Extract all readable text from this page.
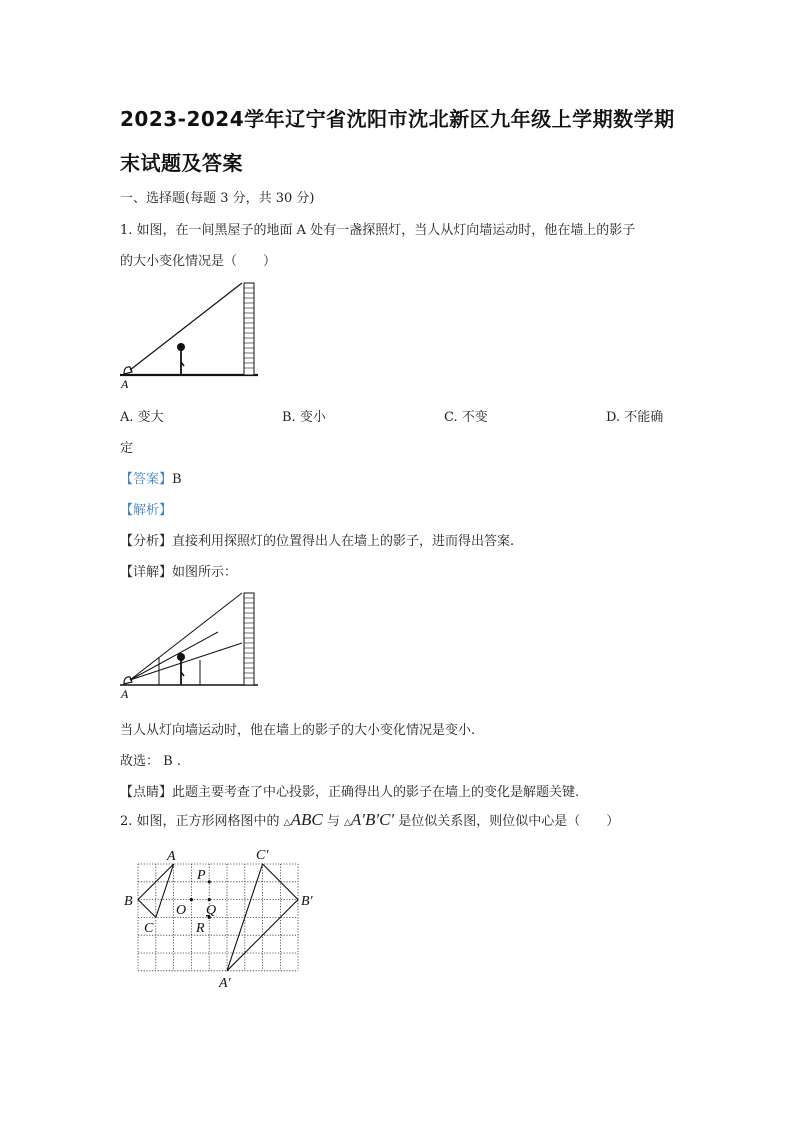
2023-2024学年辽宁省沈阳市沈北新区九年级上学期数学期
末试题及答案
一、选择题(每题 3 分，共 30 分)
1. 如图，在一间黑屋子的地面 A 处有一盏探照灯，当人从灯向墙运动时，他在墙上的影子
的大小变化情况是（　　）
A
A. 变大	B. 变小	C. 不变	D. 不能确
定
【答案】B
【解析】
【分析】直接利用探照灯的位置得出人在墙上的影子，进而得出答案.
【详解】如图所示：
A
当人从灯向墙运动时，他在墙上的影子的大小变化情况是变小.
故选： B .
【点睛】此题主要考查了中心投影，正确得出人的影子在墙上的变化是解题关键.
2. 如图，正方形网格图中的 △ABC 与 △A′B′C′ 是位似关系图，则位似中心是（　　）
A
B
C
O
P
Q
R
C′
B′
A′
